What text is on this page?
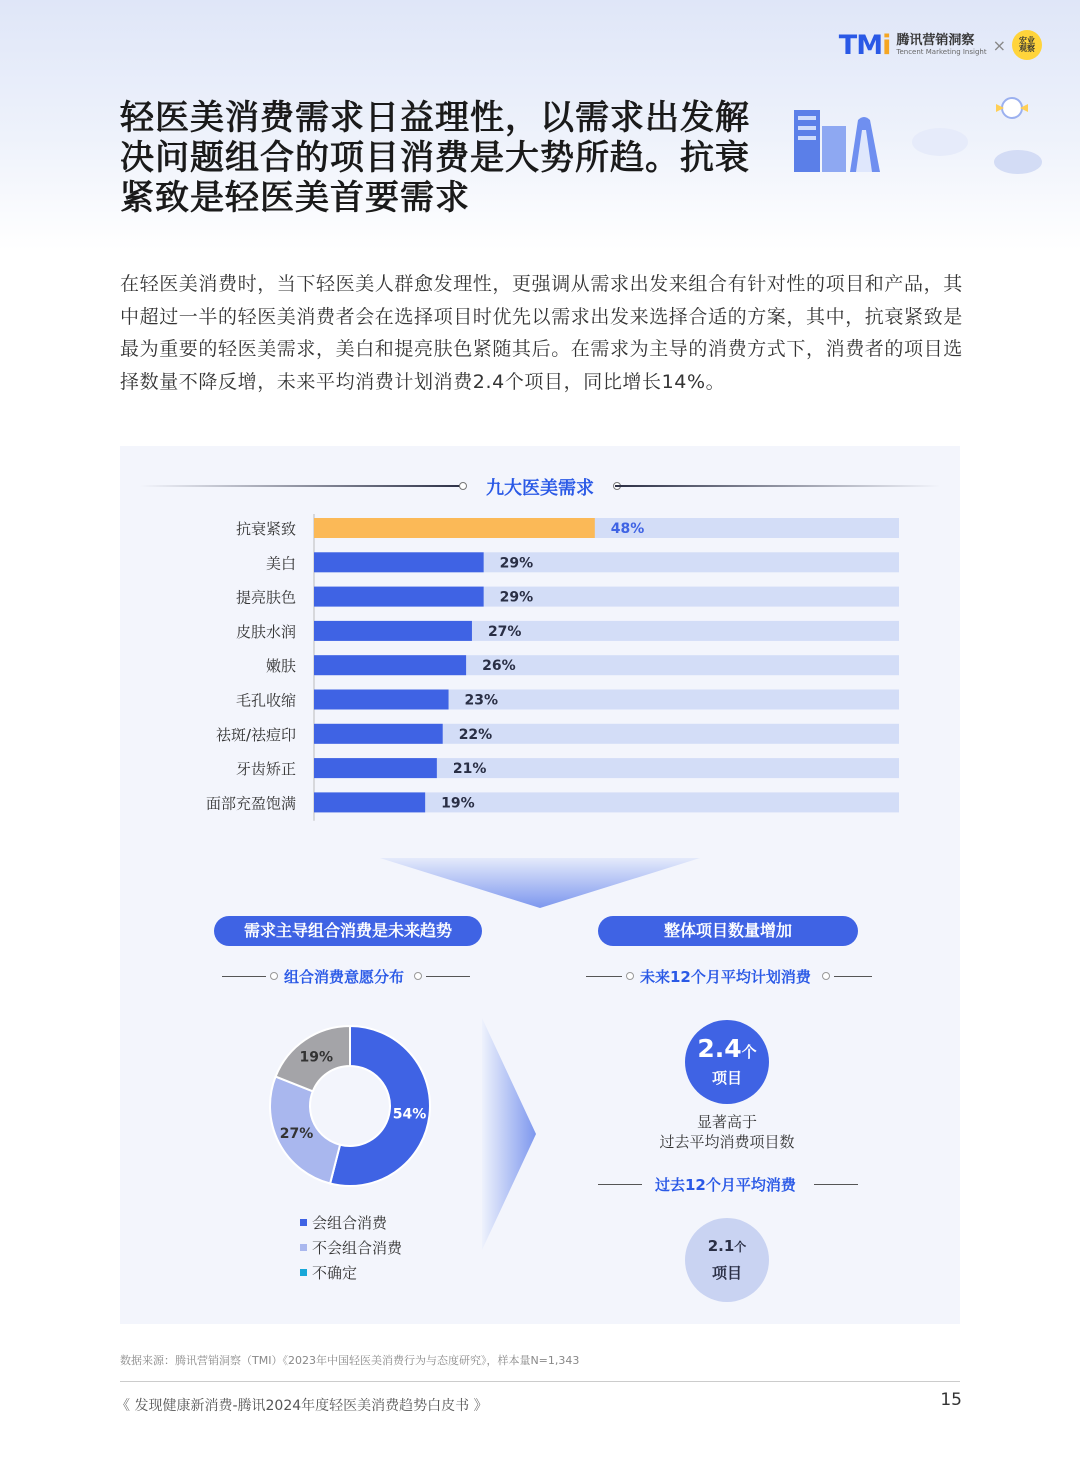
TMi 腾讯营销洞察
Tencent Marketing Insight × 宏业
观察
轻医美消费需求日益理性，以需求出发解
决问题组合的项目消费是大势所趋。抗衰
紧致是轻医美首要需求

在轻医美消费时，当下轻医美人群愈发理性，更强调从需求出发来组合有针对性的项目和产品，其中超过一半的轻医美消费者会在选择项目时优先以需求出发来选择合适的方案，其中，抗衰紧致是最为重要的轻医美需求，美白和提亮肤色紧随其后。在需求为主导的消费方式下，消费者的项目选择数量不降反增，未来平均消费计划消费2.4个项目，同比增长14%。

九大医美需求
抗衰紧致	48%
美白	29%
提亮肤色	29%
皮肤水润	27%
嫩肤	26%
毛孔收缩	23%
祛斑/祛痘印	22%
牙齿矫正	21%
面部充盈饱满	19%
需求主导组合消费是未来趋势	整体项目数量增加
组合消费意愿分布	未来12个月平均计划消费
54%
27%
19%
会组合消费
不会组合消费
不确定
2.4个
项目
显著高于
过去平均消费项目数
过去12个月平均消费
2.1个
项目
数据来源：腾讯营销洞察（TMI）《2023年中国轻医美消费行为与态度研究》，样本量N=1,343
《 发现健康新消费-腾讯2024年度轻医美消费趋势白皮书 》	15
